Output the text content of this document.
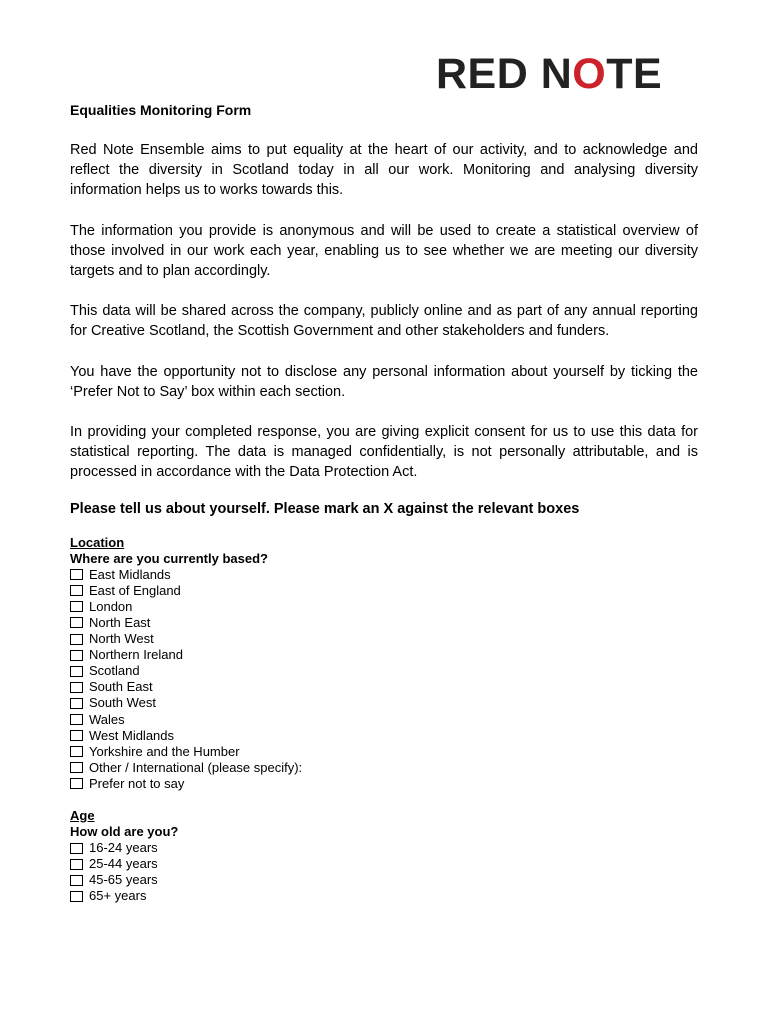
RED NOTE
Equalities Monitoring Form

Red Note Ensemble aims to put equality at the heart of our activity, and to acknowledge and reflect the diversity in Scotland today in all our work. Monitoring and analysing diversity information helps us to works towards this.

The information you provide is anonymous and will be used to create a statistical overview of those involved in our work each year, enabling us to see whether we are meeting our diversity targets and to plan accordingly.

This data will be shared across the company, publicly online and as part of any annual reporting for Creative Scotland, the Scottish Government and other stakeholders and funders.

You have the opportunity not to disclose any personal information about yourself by ticking the ‘Prefer Not to Say’ box within each section.

In providing your completed response, you are giving explicit consent for us to use this data for statistical reporting. The data is managed confidentially, is not personally attributable, and is processed in accordance with the Data Protection Act.

Please tell us about yourself. Please mark an X against the relevant boxes

Location
Where are you currently based?
East Midlands
East of England
London
North East
North West
Northern Ireland
Scotland
South East
South West
Wales
West Midlands
Yorkshire and the Humber
Other / International (please specify):
Prefer not to say
Age
How old are you?
16-24 years
25-44 years
45-65 years
65+ years
